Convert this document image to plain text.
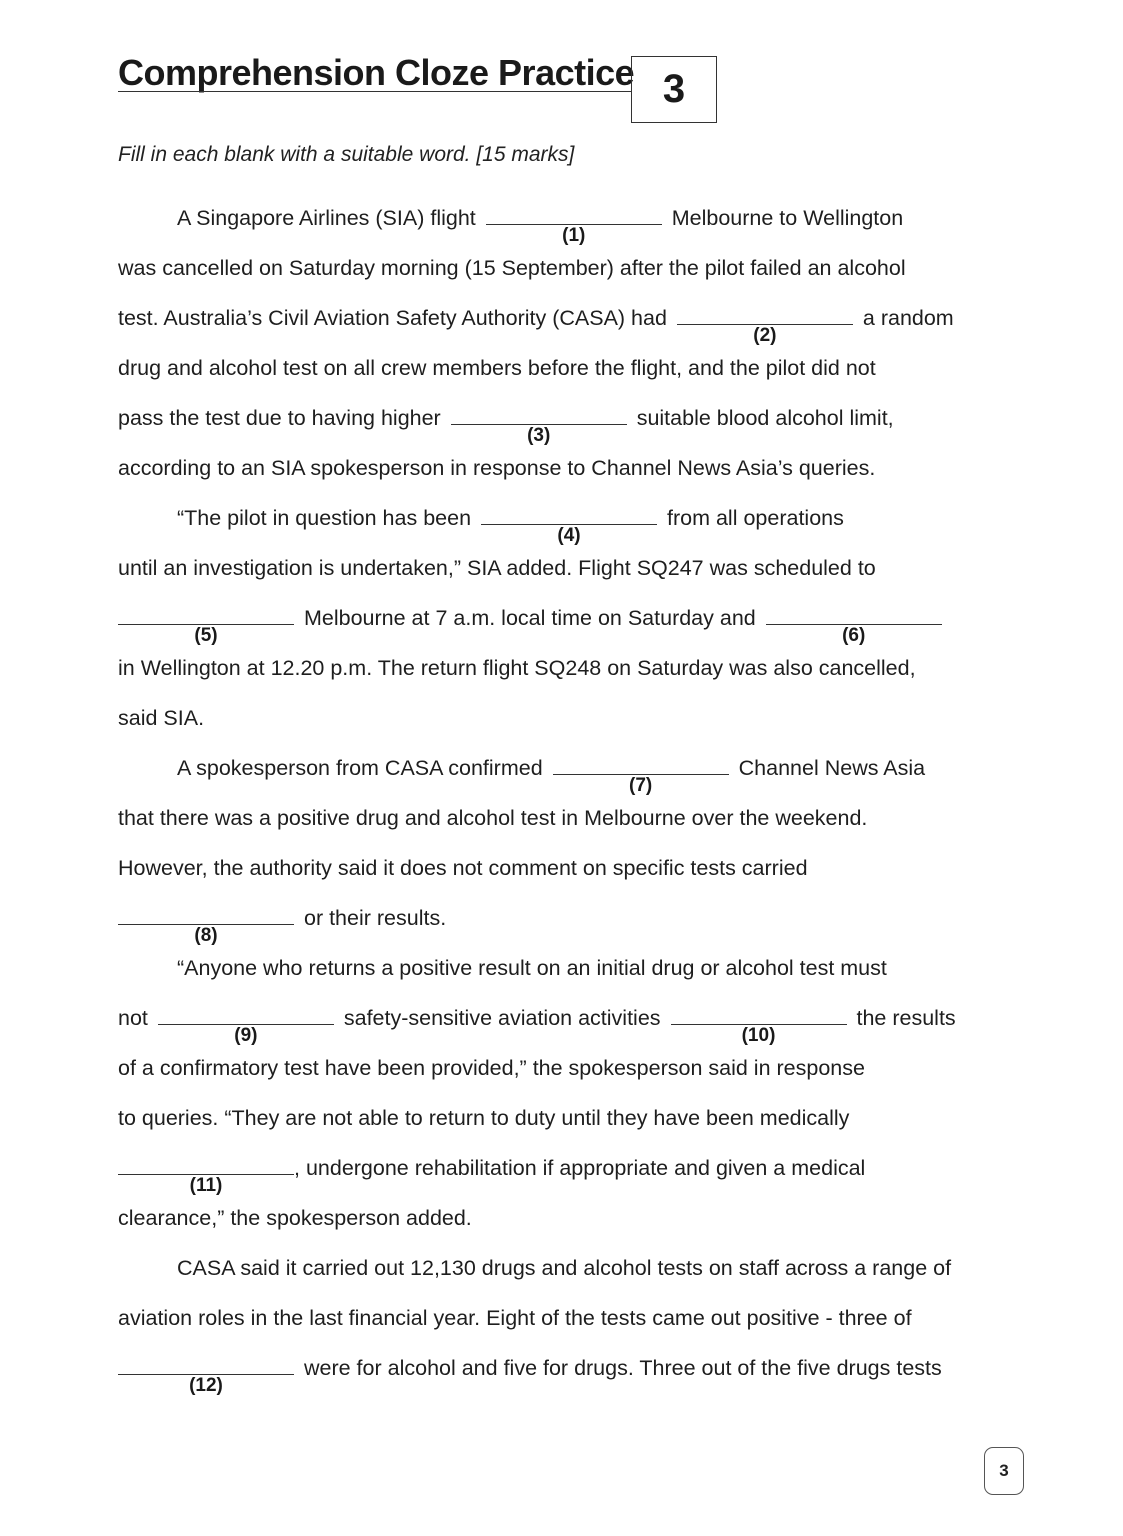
Comprehension Cloze Practice 3
Fill in each blank with a suitable word. [15 marks]
A Singapore Airlines (SIA) flight
(1)
Melbourne to Wellington
was cancelled on Saturday morning (15 September) after the pilot failed an alcohol
test. Australia’s Civil Aviation Safety Authority (CASA) had
(2)
a random
drug and alcohol test on all crew members before the flight, and the pilot did not
pass the test due to having higher
(3)
suitable blood alcohol limit,
according to an SIA spokesperson in response to Channel News Asia’s queries.
“The pilot in question has been
(4)
from all operations
until an investigation is undertaken,” SIA added. Flight SQ247 was scheduled to
(5)
Melbourne at 7 a.m. local time on Saturday and
(6)
in Wellington at 12.20 p.m. The return flight SQ248 on Saturday was also cancelled,
said SIA.
A spokesperson from CASA confirmed
(7)
Channel News Asia
that there was a positive drug and alcohol test in Melbourne over the weekend.
However, the authority said it does not comment on specific tests carried
(8)
or their results.
“Anyone who returns a positive result on an initial drug or alcohol test must
not
(9)
safety-sensitive aviation activities
(10)
the results
of a confirmatory test have been provided,” the spokesperson said in response
to queries. “They are not able to return to duty until they have been medically
(11)
, undergone rehabilitation if appropriate and given a medical
clearance,” the spokesperson added.
CASA said it carried out 12,130 drugs and alcohol tests on staff across a range of
aviation roles in the last financial year. Eight of the tests came out positive - three of
(12)
were for alcohol and five for drugs. Three out of the five drugs tests
3
